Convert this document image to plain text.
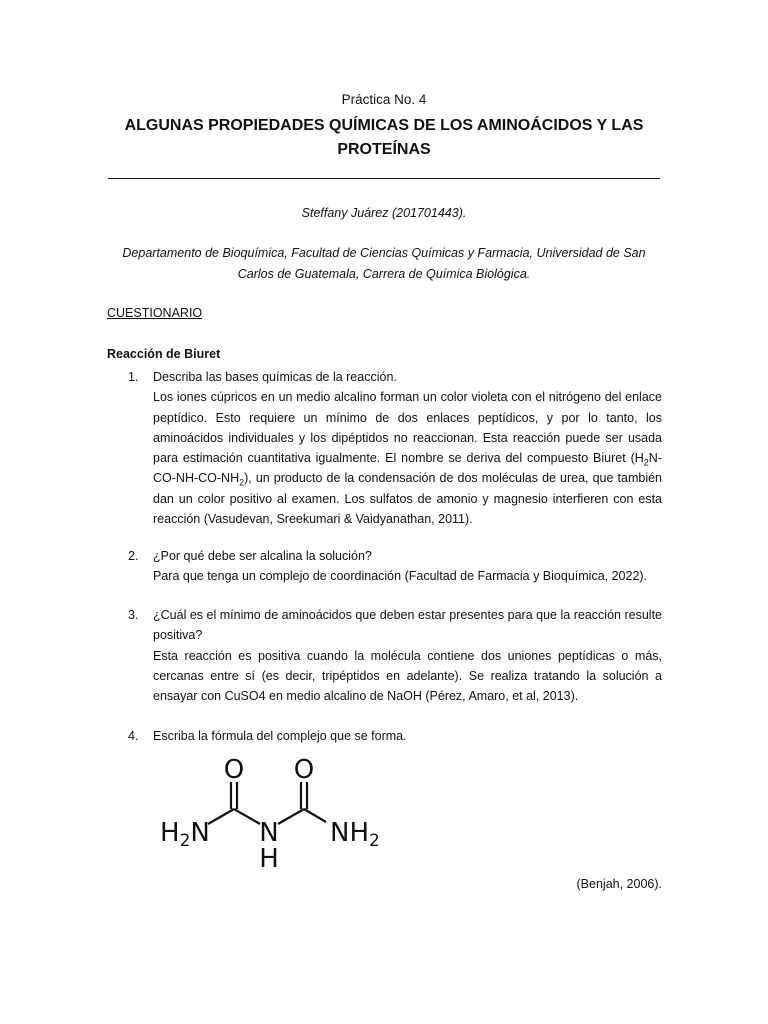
Práctica No. 4
ALGUNAS PROPIEDADES QUÍMICAS DE LOS AMINOÁCIDOS Y LAS
PROTEÍNAS
Steffany Juárez (201701443).
Departamento de Bioquímica, Facultad de Ciencias Químicas y Farmacia, Universidad de San
Carlos de Guatemala, Carrera de Química Biológica.
CUESTIONARIO
Reacción de Biuret
1. Describa las bases químicas de la reacción.
Los iones cúpricos en un medio alcalino forman un color violeta con el nitrógeno del enlace peptídico. Esto requiere un mínimo de dos enlaces peptídicos, y por lo tanto, los aminoácidos individuales y los dipéptidos no reaccionan. Esta reacción puede ser usada para estimación cuantitativa igualmente. El nombre se deriva del compuesto Biuret $(H_2N-CO-NH-CO-NH_2)$, un producto de la condensación de dos moléculas de urea, que también dan un color positivo al examen. Los sulfatos de amonio y magnesio interfieren con esta reacción (Vasudevan, Sreekumari & Vaidyanathan, 2011).
2. ¿Por qué debe ser alcalina la solución?
Para que tenga un complejo de coordinación (Facultad de Farmacia y Bioquímica, 2022).
3. ¿Cuál es el mínimo de aminoácidos que deben estar presentes para que la reacción resulte positiva?
Esta reacción es positiva cuando la molécula contiene dos uniones peptídicas o más, cercanas entre sí (es decir, tripéptidos en adelante). Se realiza tratando la solución a ensayar con CuSO4 en medio alcalino de NaOH (Pérez, Amaro, et al, 2013).
4. Escriba la fórmula del complejo que se forma.
O O
H2N N
H
NH2
(Benjah, 2006).
